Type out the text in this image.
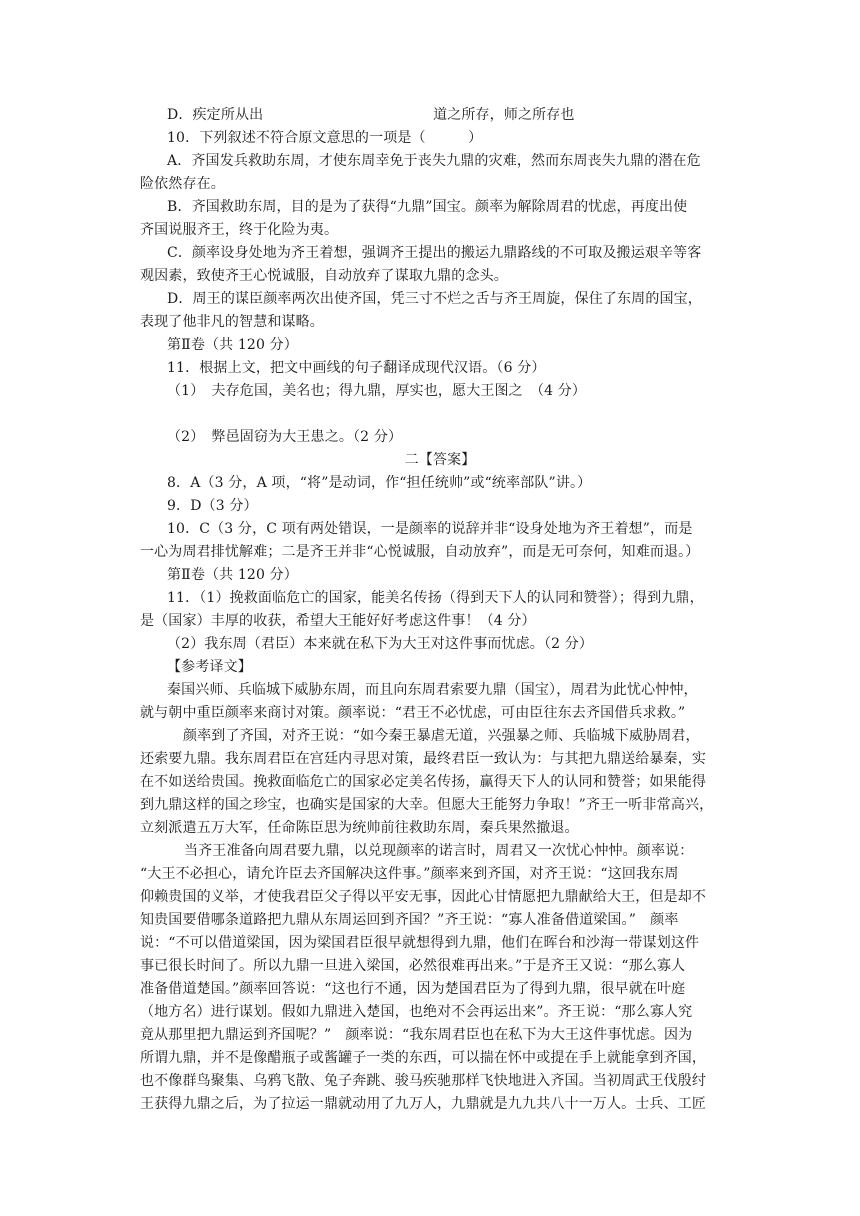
D．疾定所从出　　　　　　　　　　　　道之所存，师之所存也
10．下列叙述不符合原文意思的一项是（　　　）
A．齐国发兵救助东周，才使东周幸免于丧失九鼎的灾难，然而东周丧失九鼎的潜在危
险依然存在。
B．齐国救助东周，目的是为了获得“九鼎”国宝。颜率为解除周君的忧虑，再度出使
齐国说服齐王，终于化险为夷。
C．颜率设身处地为齐王着想，强调齐王提出的搬运九鼎路线的不可取及搬运艰辛等客
观因素，致使齐王心悦诚服，自动放弃了谋取九鼎的念头。
D．周王的谋臣颜率两次出使齐国，凭三寸不烂之舌与齐王周旋，保住了东周的国宝，
表现了他非凡的智慧和谋略。
第Ⅱ卷（共 120 分）
11．根据上文，把文中画线的句子翻译成现代汉语。（6 分）
（1）　夫存危国，美名也；得九鼎，厚实也，愿大王图之　（4 分）
（2）　弊邑固窃为大王患之。（2 分）
二【答案】
8．A（3 分，A 项，“将”是动词，作“担任统帅”或“统率部队”讲。）
9．D（3 分）
10．C（3 分，C 项有两处错误，一是颜率的说辞并非“设身处地为齐王着想”，而是
一心为周君排忧解难；二是齐王并非“心悦诚服，自动放弃”，而是无可奈何，知难而退。）
第Ⅱ卷（共 120 分）
11．（1）挽救面临危亡的国家，能美名传扬（得到天下人的认同和赞誉）；得到九鼎，
是（国家）丰厚的收获，希望大王能好好考虑这件事！（4 分）
（2）我东周（君臣）本来就在私下为大王对这件事而忧虑。（2 分）
【参考译文】
秦国兴师、兵临城下威胁东周，而且向东周君索要九鼎（国宝），周君为此忧心忡忡，
就与朝中重臣颜率来商讨对策。颜率说：“君王不必忧虑，可由臣往东去齐国借兵求救。”
颜率到了齐国，对齐王说：“如今秦王暴虐无道，兴强暴之师、兵临城下威胁周君，
还索要九鼎。我东周君臣在宫廷内寻思对策，最终君臣一致认为：与其把九鼎送给暴秦，实
在不如送给贵国。挽救面临危亡的国家必定美名传扬，赢得天下人的认同和赞誉；如果能得
到九鼎这样的国之珍宝，也确实是国家的大幸。但愿大王能努力争取！”齐王一听非常高兴，
立刻派遣五万大军，任命陈臣思为统帅前往救助东周，秦兵果然撤退。
当齐王准备向周君要九鼎，以兑现颜率的诺言时，周君又一次忧心忡忡。颜率说：
“大王不必担心，请允许臣去齐国解决这件事。”颜率来到齐国，对齐王说：“这回我东周
仰赖贵国的义举，才使我君臣父子得以平安无事，因此心甘情愿把九鼎献给大王，但是却不
知贵国要借哪条道路把九鼎从东周运回到齐国？”齐王说：“寡人准备借道梁国。”　颜率
说：“不可以借道梁国，因为梁国君臣很早就想得到九鼎，他们在晖台和沙海一带谋划这件
事已很长时间了。所以九鼎一旦进入梁国，必然很难再出来。”于是齐王又说：“那么寡人
准备借道楚国。”颜率回答说：“这也行不通，因为楚国君臣为了得到九鼎，很早就在叶庭
（地方名）进行谋划。假如九鼎进入楚国，也绝对不会再运出来”。齐王说：“那么寡人究
竟从那里把九鼎运到齐国呢？”　颜率说：“我东周君臣也在私下为大王这件事忧虑。因为
所谓九鼎，并不是像醋瓶子或酱罐子一类的东西，可以揣在怀中或提在手上就能拿到齐国，
也不像群鸟聚集、乌鸦飞散、兔子奔跳、骏马疾驰那样飞快地进入齐国。当初周武王伐殷纣
王获得九鼎之后，为了拉运一鼎就动用了九万人，九鼎就是九九共八十一万人。士兵、工匠
